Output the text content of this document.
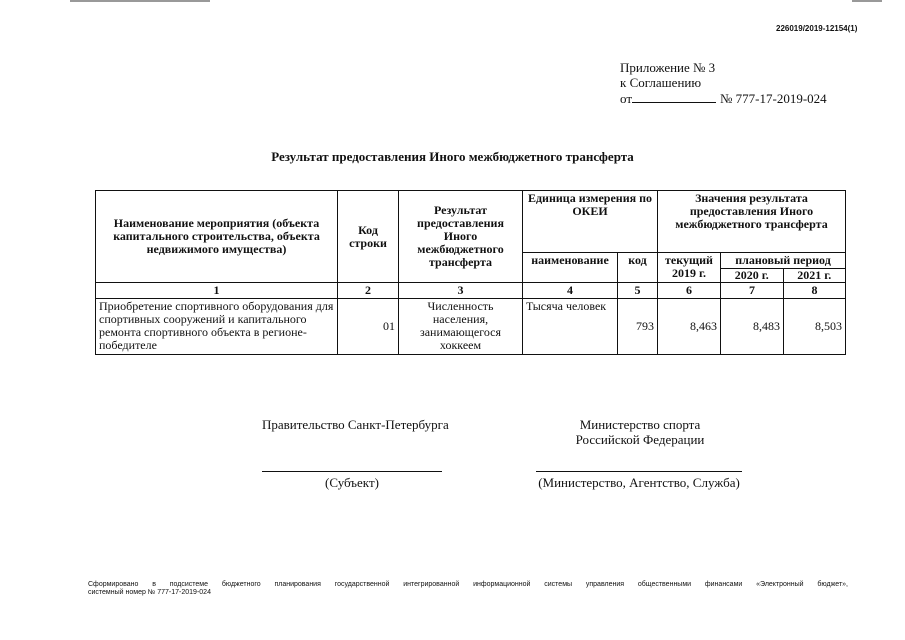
226019/2019-12154(1)
Приложение № 3
к Соглашению
от	№ 777-17-2019-024
Результат предоставления Иного межбюджетного трансферта
Наименование мероприятия (объекта капитального строительства, объекта недвижимого имущества)	Код строки	Результат предоставления Иного межбюджетного трансферта	Единица измерения по ОКЕИ		Значения результата предоставления Иного межбюджетного трансферта		
			наименование	код	текущий 2019 г.	плановый период
2020 г. 2021 г.	

1	2	3	4	5	6	7	8
Приобретение спортивного оборудования для спортивных сооружений и капитального ремонта спортивного объекта в регионе-победителе	01	Численность населения, занимающегося хоккеем	Тысяча человек	793	8,463	8,483	8,503
Правительство Санкт-Петербурга	Министерство спорта
Российской Федерации
(Субъект)	(Министерство, Агентство, Служба)
Сформировано в подсистеме бюджетного планирования государственной интегрированной информационной системы управления общественными финансами «Электронный бюджет»,
системный номер № 777-17-2019-024
